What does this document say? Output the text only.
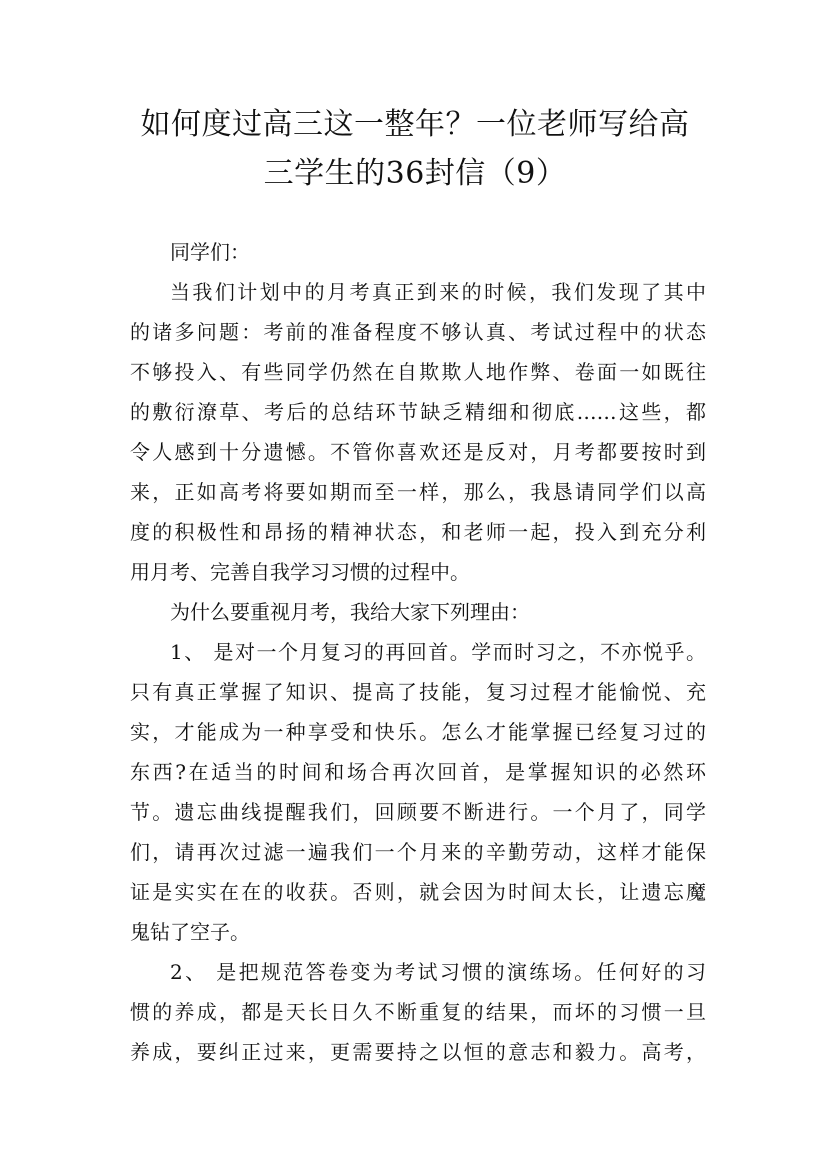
如何度过高三这一整年？一位老师写给高
三学生的36封信（9）
同学们：
当我们计划中的月考真正到来的时候，我们发现了其中
的诸多问题：考前的准备程度不够认真、考试过程中的状态
不够投入、有些同学仍然在自欺欺人地作弊、卷面一如既往
的敷衍潦草、考后的总结环节缺乏精细和彻底……这些，都
令人感到十分遗憾。不管你喜欢还是反对，月考都要按时到
来，正如高考将要如期而至一样，那么，我恳请同学们以高
度的积极性和昂扬的精神状态，和老师一起，投入到充分利
用月考、完善自我学习习惯的过程中。
为什么要重视月考，我给大家下列理由：
1、 是对一个月复习的再回首。学而时习之，不亦悦乎。
只有真正掌握了知识、提高了技能，复习过程才能愉悦、充
实，才能成为一种享受和快乐。怎么才能掌握已经复习过的
东西?在适当的时间和场合再次回首，是掌握知识的必然环
节。遗忘曲线提醒我们，回顾要不断进行。一个月了，同学
们，请再次过滤一遍我们一个月来的辛勤劳动，这样才能保
证是实实在在的收获。否则，就会因为时间太长，让遗忘魔
鬼钻了空子。
2、 是把规范答卷变为考试习惯的演练场。任何好的习
惯的养成，都是天长日久不断重复的结果，而坏的习惯一旦
养成，要纠正过来，更需要持之以恒的意志和毅力。高考，
